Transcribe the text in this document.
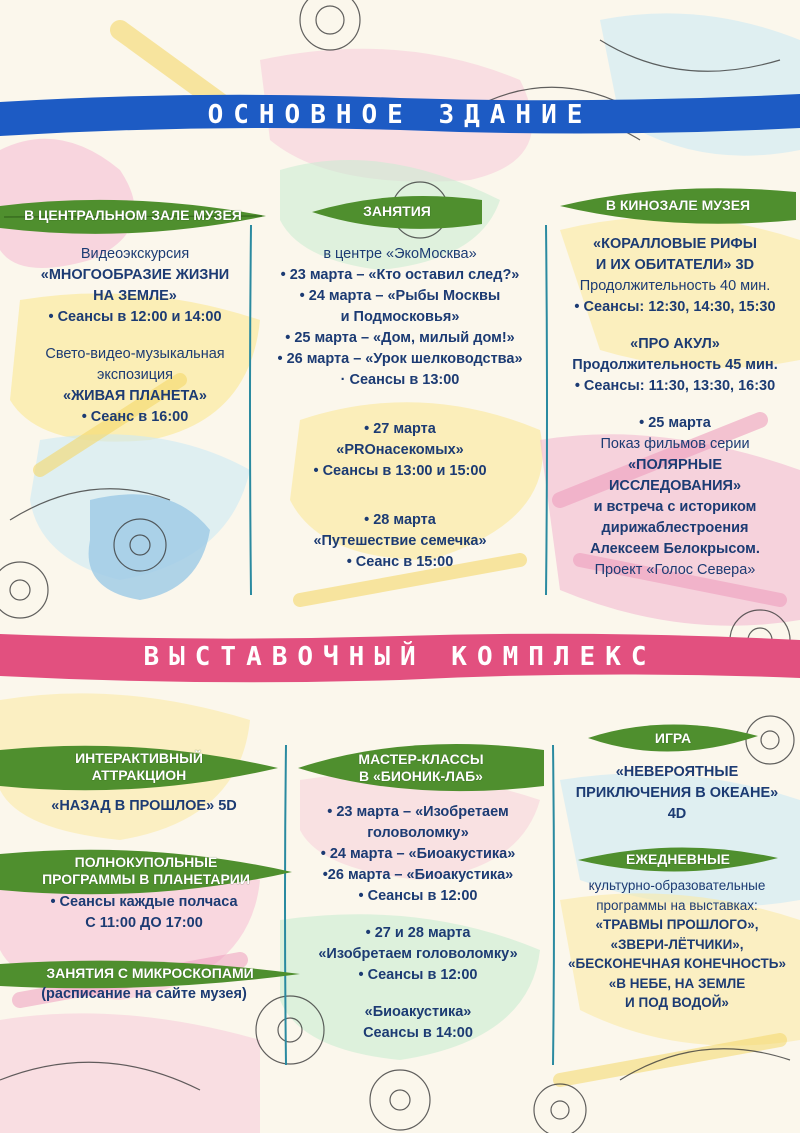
ОСНОВНОЕ ЗДАНИЕ
ВЫСТАВОЧНЫЙ КОМПЛЕКС
В ЦЕНТРАЛЬНОМ ЗАЛЕ МУЗЕЯ	ЗАНЯТИЯ	В КИНОЗАЛЕ МУЗЕЯ
ИНТЕРАКТИВНЫЙ
АТТРАКЦИОН
ПОЛНОКУПОЛЬНЫЕ
ПРОГРАММЫ В ПЛАНЕТАРИИ
ЗАНЯТИЯ С МИКРОСКОПАМИ
МАСТЕР-КЛАССЫ
В «БИОНИК-ЛАБ»
ИГРА
ЕЖЕДНЕВНЫЕ

Видеоэкскурсия

«МНОГООБРАЗИЕ ЖИЗНИ

НА ЗЕМЛЕ»

• Сеансы в 12:00 и 14:00

Свето-видео-музыкальная

экспозиция

«ЖИВАЯ ПЛАНЕТА»

• Сеанс в 16:00

в центре «ЭкоМосква»

• 23 марта – «Кто оставил след?»

• 24 марта – «Рыбы Москвы

и Подмосковья»

• 25 марта – «Дом, милый дом!»

• 26 марта – «Урок шелководства»

· Сеансы в 13:00

• 27 марта

«PROнасекомых»

• Сеансы в 13:00 и 15:00

• 28 марта

«Путешествие семечка»

• Сеанс в 15:00

«КОРАЛЛОВЫЕ РИФЫ

И ИХ ОБИТАТЕЛИ» 3D

Продолжительность 40 мин.

• Сеансы: 12:30, 14:30, 15:30

«ПРО АКУЛ»

Продолжительность 45 мин.

• Сеансы: 11:30, 13:30, 16:30

• 25 марта

Показ фильмов серии

«ПОЛЯРНЫЕ

ИССЛЕДОВАНИЯ»

и встреча с историком

дирижаблестроения

Алексеем Белокрысом.

Проект «Голос Севера»

«НАЗАД В ПРОШЛОЕ» 5D

• Сеансы каждые полчаса

С 11:00 ДО 17:00

(расписание на сайте музея)

• 23 марта – «Изобретаем

головоломку»

• 24 марта – «Биоакустика»

•26 марта – «Биоакустика»

• Сеансы в 12:00

• 27 и 28 марта

«Изобретаем головоломку»

• Сеансы в 12:00

«Биоакустика»

Сеансы в 14:00

«НЕВЕРОЯТНЫЕ

ПРИКЛЮЧЕНИЯ В ОКЕАНЕ»

4D

культурно-образовательные

программы на выставках:

«ТРАВМЫ ПРОШЛОГО»,

«ЗВЕРИ-ЛЁТЧИКИ»,

«БЕСКОНЕЧНАЯ КОНЕЧНОСТЬ»

«В НЕБЕ, НА ЗЕМЛЕ

И ПОД ВОДОЙ»
